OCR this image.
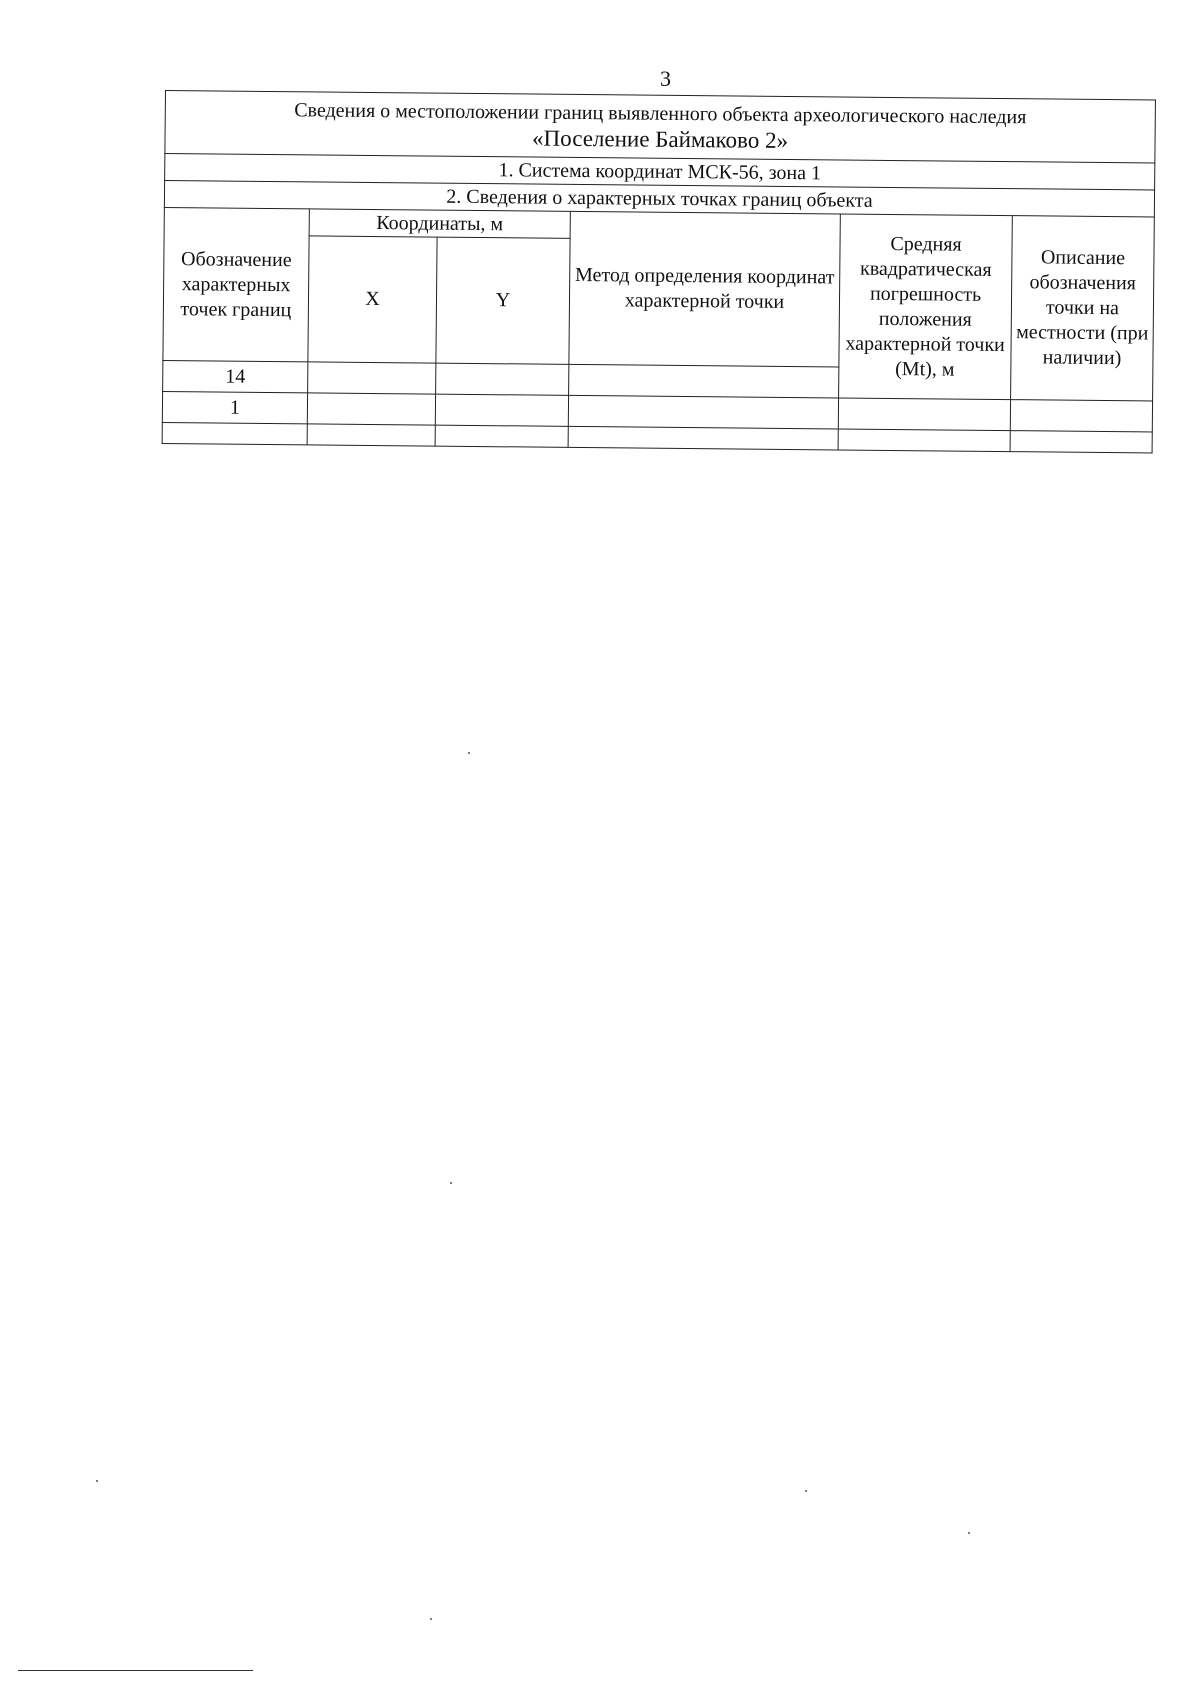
3
Сведения о местоположении границ выявленного объекта археологического наследия
«Поселение Баймаково 2»					

1. Система координат МСК-56, зона 1					
2. Сведения о характерных точках границ объекта					
Обозначение характерных точек границ	Координаты, м		Метод определения координат характерной точки	Средняя квадратическая погрешность положения характерной точки (Mt), м	Описание обозначения точки на местности (при наличии)
	X	Y			
14					
1					
